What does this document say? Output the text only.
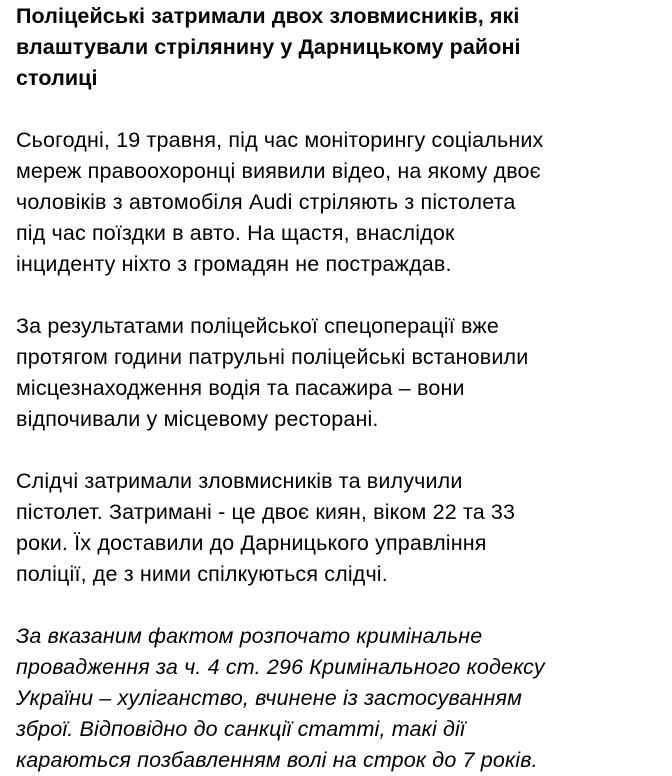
Поліцейські затримали двох зловмисників, які
влаштували стрілянину у Дарницькому районі
столиці

Сьогодні, 19 травня, під час моніторингу соціальних
мереж правоохоронці виявили відео, на якому двоє
чоловіків з автомобіля Audi стріляють з пістолета
під час поїздки в авто. На щастя, внаслідок
інциденту ніхто з громадян не постраждав.

За результатами поліцейської спецоперації вже
протягом години патрульні поліцейські встановили
місцезнаходження водія та пасажира – вони
відпочивали у місцевому ресторані.

Слідчі затримали зловмисників та вилучили
пістолет. Затримані - це двоє киян, віком 22 та 33
роки. Їх доставили до Дарницького управління
поліції, де з ними спілкуються слідчі.

За вказаним фактом розпочато кримінальне
провадження за ч. 4 ст. 296 Кримінального кодексу
України – хуліганство, вчинене із застосуванням
зброї. Відповідно до санкції статті, такі дії
караються позбавленням волі на строк до 7 років.
